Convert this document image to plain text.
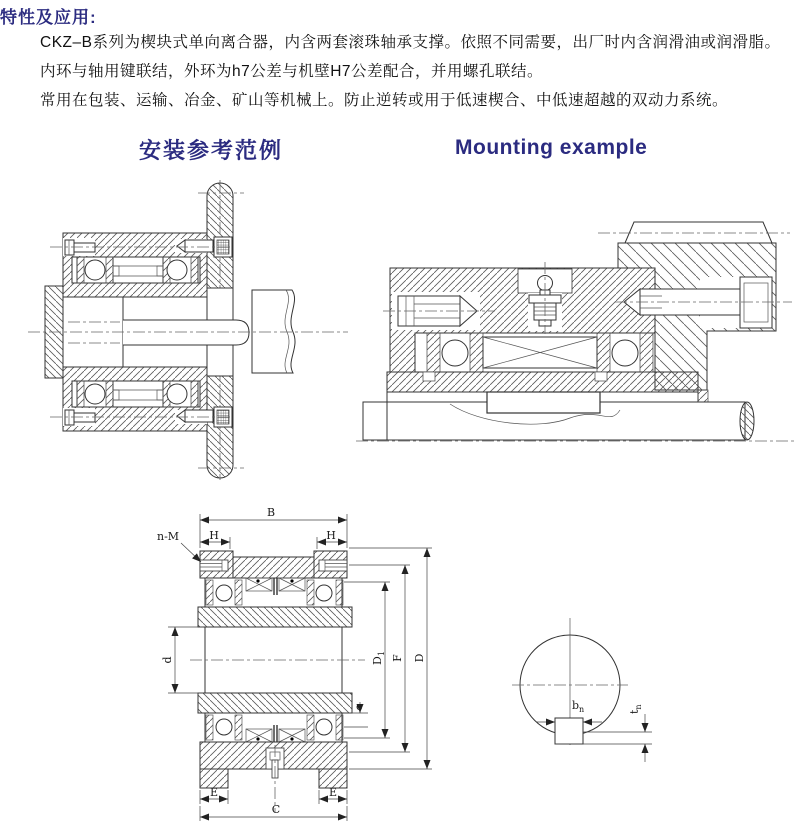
特性及应用:
CKZ–B系列为楔块式单向离合器，内含两套滚珠轴承支撑。依照不同需要，出厂时内含润滑油或润滑脂。
内环与轴用键联结，外环为h7公差与机壁H7公差配合，并用螺孔联结。
常用在包装、运输、冶金、矿山等机械上。防止逆转或用于低速楔合、中低速超越的双动力系统。
安装参考范例	Mounting example
B
H	H
n-M
d	$D_1$
F D
e
E	E
C
$b_n$	$t_n$
